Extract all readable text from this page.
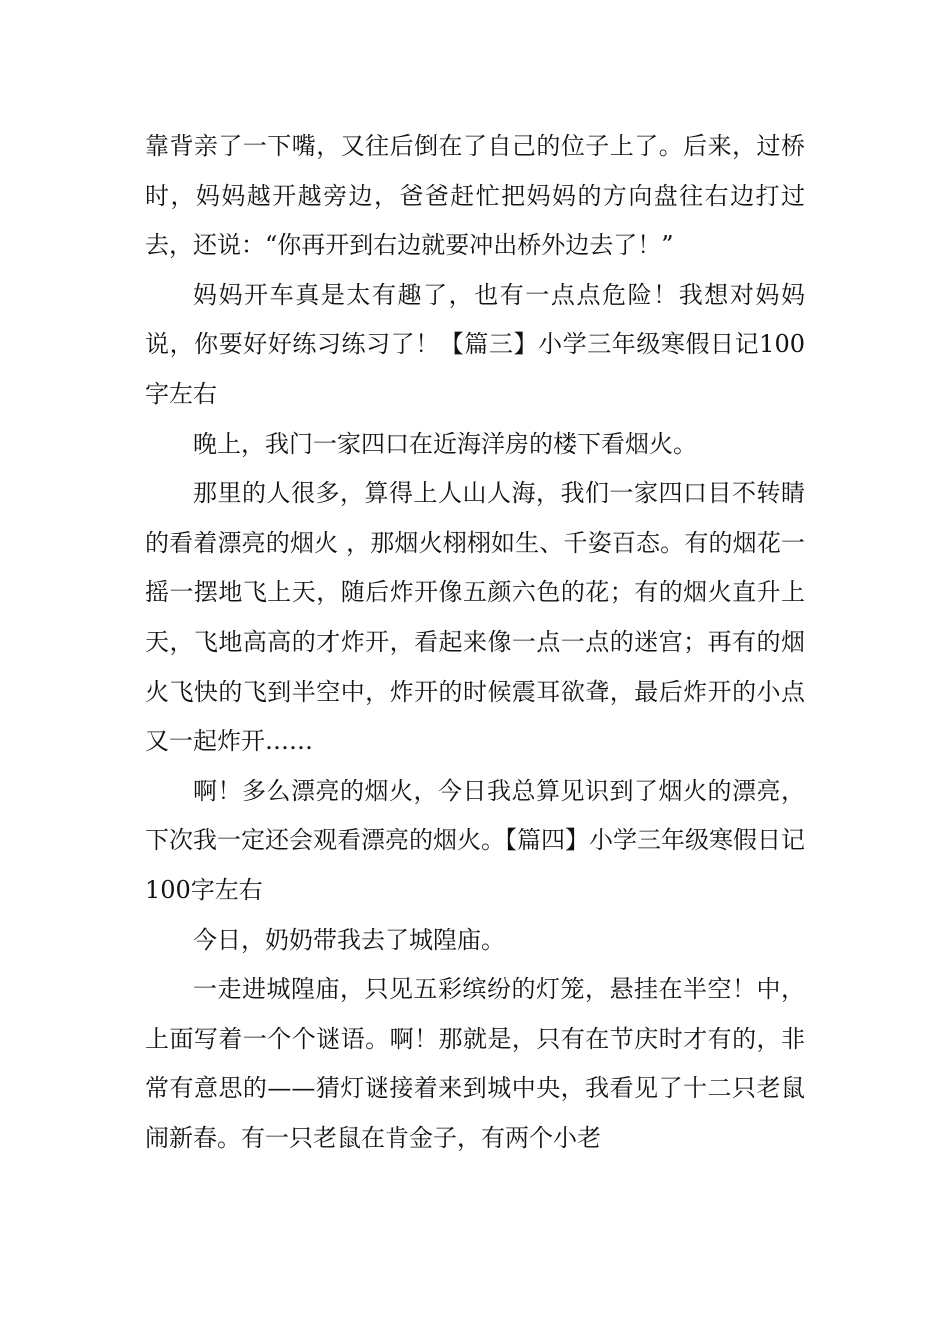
靠背亲了一下嘴，又往后倒在了自己的位子上了。后来，过桥时，妈妈越开越旁边，爸爸赶忙把妈妈的方向盘往右边打过去，还说：“你再开到右边就要冲出桥外边去了！”

妈妈开车真是太有趣了，也有一点点危险！我想对妈妈说，你要好好练习练习了！【篇三】小学三年级寒假日记100字左右

晚上，我门一家四口在近海洋房的楼下看烟火。

那里的人很多，算得上人山人海，我们一家四口目不转睛的看着漂亮的烟火 ，那烟火栩栩如生、千姿百态。有的烟花一摇一摆地飞上天，随后炸开像五颜六色的花；有的烟火直升上天，飞地高高的才炸开，看起来像一点一点的迷宫；再有的烟火飞快的飞到半空中，炸开的时候震耳欲聋，最后炸开的小点又一起炸开……

啊！多么漂亮的烟火，今日我总算见识到了烟火的漂亮，下次我一定还会观看漂亮的烟火。【篇四】小学三年级寒假日记100字左右

今日，奶奶带我去了城隍庙。

一走进城隍庙，只见五彩缤纷的灯笼，悬挂在半空！中，上面写着一个个谜语。啊！那就是，只有在节庆时才有的，非常有意思的——猜灯谜接着来到城中央，我看见了十二只老鼠闹新春。有一只老鼠在肯金子，有两个小老
